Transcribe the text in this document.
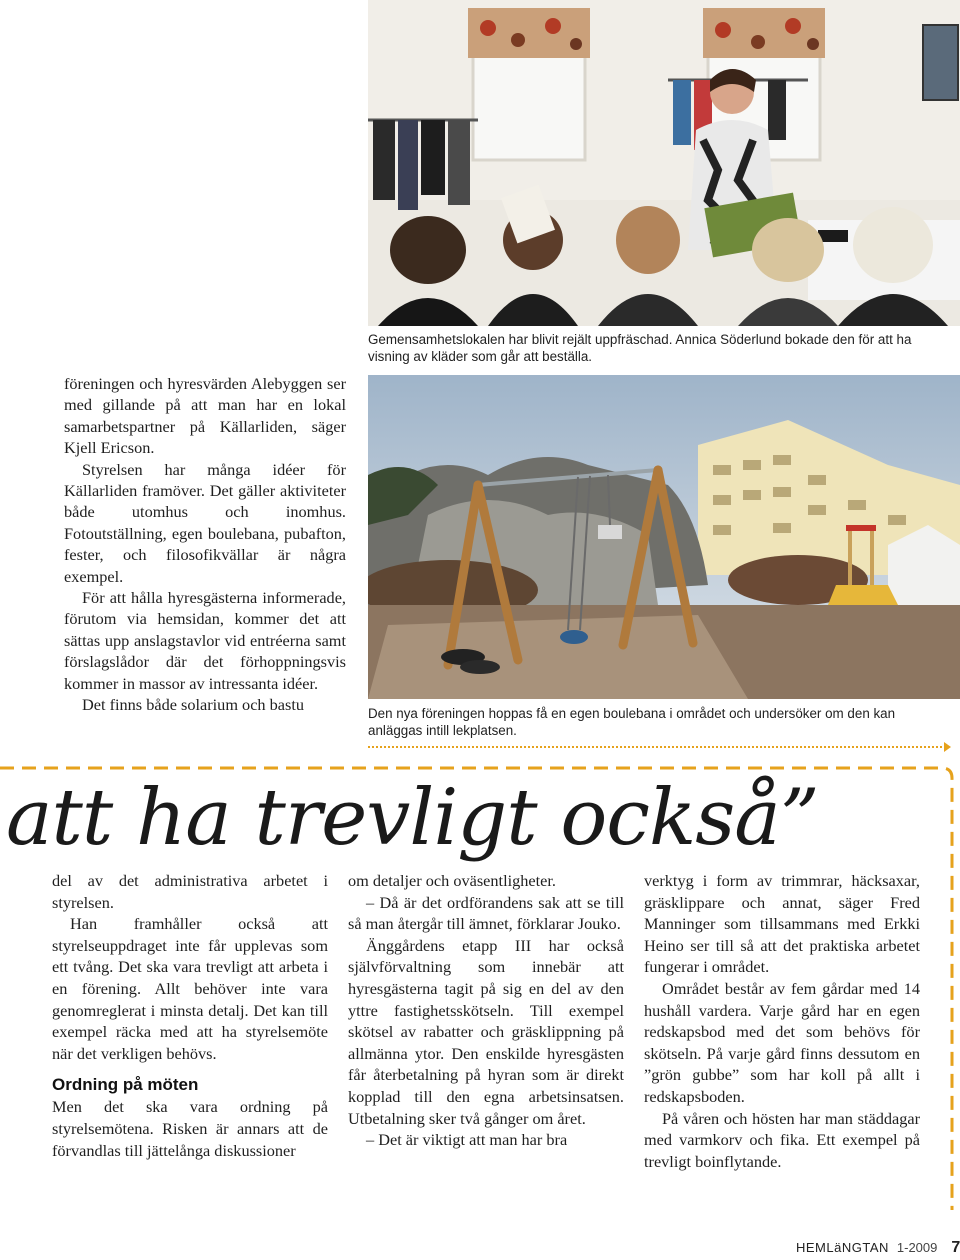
Gemensamhetslokalen har blivit rejält uppfräschad. Annica Söderlund bokade den för att ha visning av kläder som går att beställa.

föreningen och hyresvärden Alebyggen ser med gillande på att man har en lokal samarbetspartner på Källarliden, säger Kjell Ericson.

Styrelsen har många idéer för Källarliden framöver. Det gäller aktiviteter både utomhus och inomhus. Fotoutställning, egen boulebana, pubafton, fester, och filosofikvällar är några exempel.

För att hålla hyresgästerna informerade, förutom via hemsidan, kommer det att sättas upp anslagstavlor vid entréerna samt förslagslådor där det förhoppningsvis kommer in massor av intressanta idéer.

Det finns både solarium och bastu	Den nya föreningen hoppas få en egen boulebana i området och undersöker om den kan anläggas intill lekplatsen.
att ha trevligt också”

del av det administrativa arbetet i styrelsen.

Han framhåller också att styrelseuppdraget inte får upplevas som ett tvång. Det ska vara trevligt att arbeta i en förening. Allt behöver inte vara genomreglerat i minsta detalj. Det kan till exempel räcka med att ha styrelsemöte när det verkligen behövs.

Ordning på möten

Men det ska vara ordning på styrelsemötena. Risken är annars att de förvandlas till jättelånga diskussioner

om detaljer och oväsentligheter.

– Då är det ordförandens sak att se till så man återgår till ämnet, förklarar Jouko.

Änggårdens etapp III har också självförvaltning som innebär att hyresgästerna tagit på sig en del av den yttre fastighetsskötseln. Till exempel skötsel av rabatter och gräsklippning på allmänna ytor. Den enskilde hyresgästen får återbetalning på hyran som är direkt kopplad till den egna arbetsinsatsen. Utbetalning sker två gånger om året.

– Det är viktigt att man har bra

verktyg i form av trimmrar, häcksaxar, gräsklippare och annat, säger Fred Manninger som tillsammans med Erkki Heino ser till så att det praktiska arbetet fungerar i området.

Området består av fem gårdar med 14 hushåll vardera. Varje gård har en egen redskapsbod med det som behövs för skötseln. På varje gård finns dessutom en ”grön gubbe” som har koll på allt i redskapsboden.

På våren och hösten har man städdagar med varmkorv och fika. Ett exempel på trevligt boinflytande.

HEMLäNGTAN 1-2009 7
